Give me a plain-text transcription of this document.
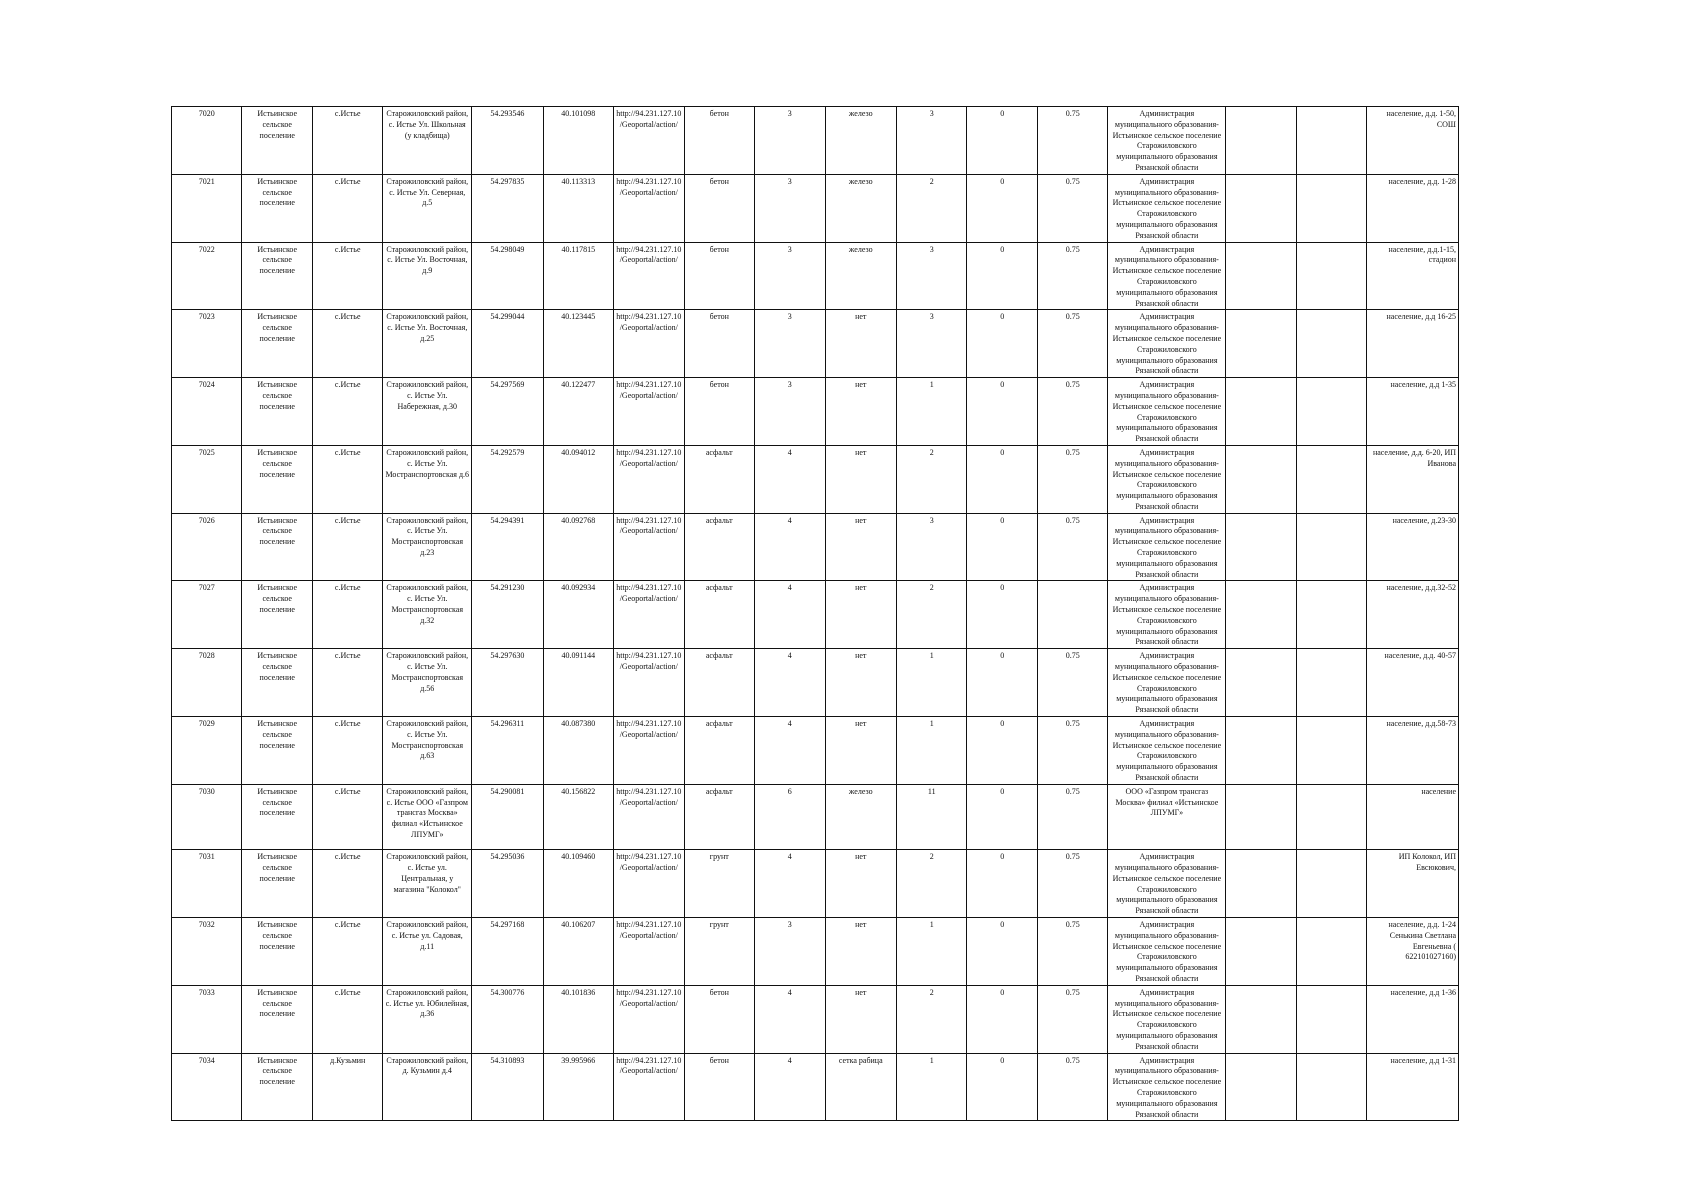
7020	Истьинское сельское поселение	с.Истье	Старожиловский район, с. Истье Ул. Школьная (у кладбища)	54.293546	40.101098	http://94.231.127.10/Geoportal/action/	бетон	3	железо	3	0	0.75	Администрация муниципального образования-Истьинское сельское поселение Старожиловского муниципального образования Рязанской области			население, д.д. 1-50, СОШ
7021	Истьинское сельское поселение	с.Истье	Старожиловский район, с. Истье Ул. Северная, д.5	54.297835	40.113313	http://94.231.127.10/Geoportal/action/	бетон	3	железо	2	0	0.75	Администрация муниципального образования-Истьинское сельское поселение Старожиловского муниципального образования Рязанской области			население, д.д. 1-28
7022	Истьинское сельское поселение	с.Истье	Старожиловский район, с. Истье Ул. Восточная, д.9	54.298049	40.117815	http://94.231.127.10/Geoportal/action/	бетон	3	железо	3	0	0.75	Администрация муниципального образования-Истьинское сельское поселение Старожиловского муниципального образования Рязанской области			население, д.д.1-15, стадион
7023	Истьинское сельское поселение	с.Истье	Старожиловский район, с. Истье Ул. Восточная, д.25	54.299044	40.123445	http://94.231.127.10/Geoportal/action/	бетон	3	нет	3	0	0.75	Администрация муниципального образования-Истьинское сельское поселение Старожиловского муниципального образования Рязанской области			население, д.д 16-25
7024	Истьинское сельское поселение	с.Истье	Старожиловский район, с. Истье Ул. Набережная, д.30	54.297569	40.122477	http://94.231.127.10/Geoportal/action/	бетон	3	нет	1	0	0.75	Администрация муниципального образования-Истьинское сельское поселение Старожиловского муниципального образования Рязанской области			население, д.д 1-35
7025	Истьинское сельское поселение	с.Истье	Старожиловский район, с. Истье Ул. Мостранспортовская д.6	54.292579	40.094012	http://94.231.127.10/Geoportal/action/	асфальт	4	нет	2	0	0.75	Администрация муниципального образования-Истьинское сельское поселение Старожиловского муниципального образования Рязанской области			население, д.д. 6-20, ИП Иванова
7026	Истьинское сельское поселение	с.Истье	Старожиловский район, с. Истье Ул. Мостранспортовская д.23	54.294391	40.092768	http://94.231.127.10/Geoportal/action/	асфальт	4	нет	3	0	0.75	Администрация муниципального образования-Истьинское сельское поселение Старожиловского муниципального образования Рязанской области			население, д.23-30
7027	Истьинское сельское поселение	с.Истье	Старожиловский район, с. Истье Ул. Мостранспортовская д.32	54.291230	40.092934	http://94.231.127.10/Geoportal/action/	асфальт	4	нет	2	0		Администрация муниципального образования-Истьинское сельское поселение Старожиловского муниципального образования Рязанской области			население, д.д.32-52
7028	Истьинское сельское поселение	с.Истье	Старожиловский район, с. Истье Ул. Мостранспортовская д.56	54.297630	40.091144	http://94.231.127.10/Geoportal/action/	асфальт	4	нет	1	0	0.75	Администрация муниципального образования-Истьинское сельское поселение Старожиловского муниципального образования Рязанской области			население, д.д. 40-57
7029	Истьинское сельское поселение	с.Истье	Старожиловский район, с. Истье Ул. Мостранспортовская д.63	54.296311	40.087380	http://94.231.127.10/Geoportal/action/	асфальт	4	нет	1	0	0.75	Администрация муниципального образования-Истьинское сельское поселение Старожиловского муниципального образования Рязанской области			население, д.д.58-73
7030	Истьинское сельское поселение	с.Истье	Старожиловский район, с. Истье ООО «Газпром трансгаз Москва» филиал «Истьинское ЛПУМГ»	54.290081	40.156822	http://94.231.127.10/Geoportal/action/	асфальт	6	железо	11	0	0.75	ООО «Газпром трансгаз Москва» филиал «Истьинское ЛПУМГ»			население
7031	Истьинское сельское поселение	с.Истье	Старожиловский район, с. Истье ул. Центральная, у магазина "Колокол"	54.295036	40.109460	http://94.231.127.10/Geoportal/action/	грунт	4	нет	2	0	0.75	Администрация муниципального образования-Истьинское сельское поселение Старожиловского муниципального образования Рязанской области			ИП Колокол, ИП Евсюкович,
7032	Истьинское сельское поселение	с.Истье	Старожиловский район, с. Истье ул. Садовая, д.11	54.297168	40.106207	http://94.231.127.10/Geoportal/action/	грунт	3	нет	1	0	0.75	Администрация муниципального образования-Истьинское сельское поселение Старожиловского муниципального образования Рязанской области			население, д.д. 1-24 Сенькина Светлана Евгеньевна ( 622101027160)
7033	Истьинское сельское поселение	с.Истье	Старожиловский район, с. Истье ул. Юбилейная, д.36	54.300776	40.101836	http://94.231.127.10/Geoportal/action/	бетон	4	нет	2	0	0.75	Администрация муниципального образования-Истьинское сельское поселение Старожиловского муниципального образования Рязанской области			население, д.д 1-36
7034	Истьинское сельское поселение	д.Кузьмин	Старожиловский район, д. Кузьмин д.4	54.310893	39.995966	http://94.231.127.10/Geoportal/action/	бетон	4	сетка рабица	1	0	0.75	Администрация муниципального образования-Истьинское сельское поселение Старожиловского муниципального образования Рязанской области			население, д.д 1-31
